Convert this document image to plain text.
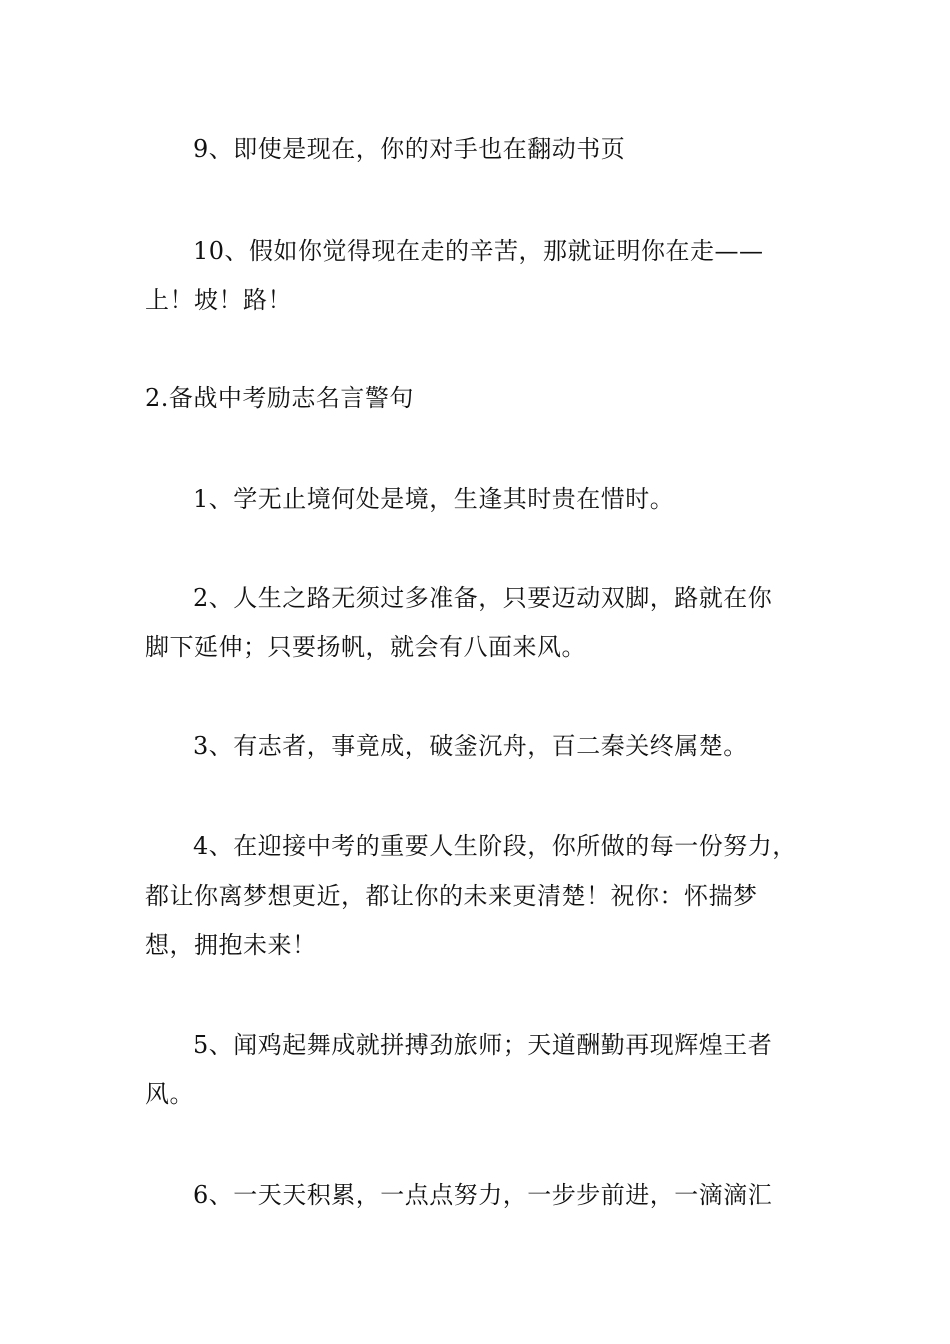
9、即使是现在，你的对手也在翻动书页
10、假如你觉得现在走的辛苦，那就证明你在走——
上！坡！路！
2.备战中考励志名言警句
1、学无止境何处是境，生逢其时贵在惜时。
2、人生之路无须过多准备，只要迈动双脚，路就在你
脚下延伸；只要扬帆，就会有八面来风。
3、有志者，事竟成，破釜沉舟，百二秦关终属楚。
4、在迎接中考的重要人生阶段，你所做的每一份努力，
都让你离梦想更近，都让你的未来更清楚！祝你：怀揣梦
想，拥抱未来！
5、闻鸡起舞成就拼搏劲旅师；天道酬勤再现辉煌王者
风。
6、一天天积累，一点点努力，一步步前进，一滴滴汇
